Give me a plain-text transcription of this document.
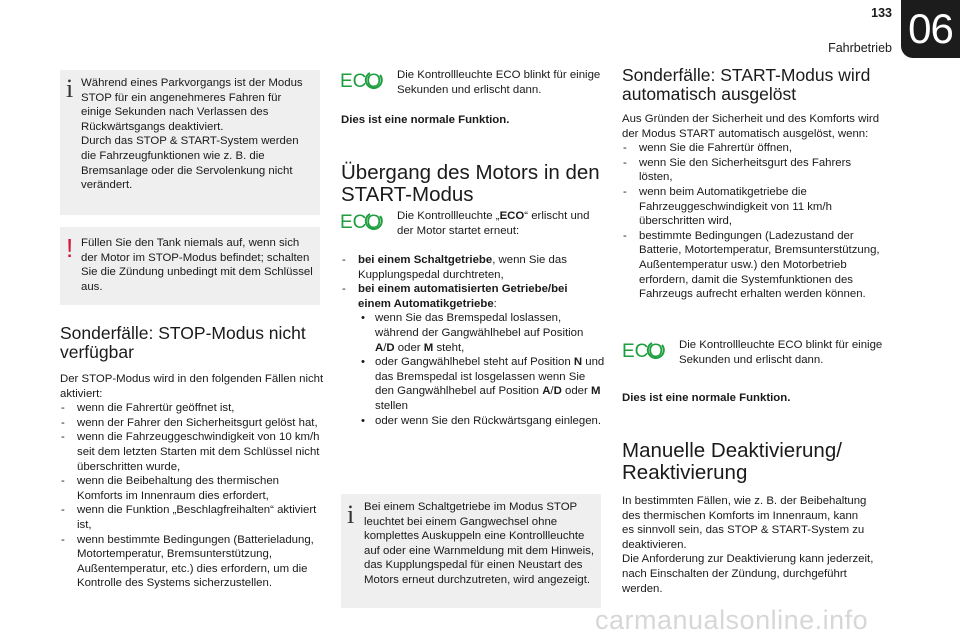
133
Fahrbetrieb 06
i Während eines Parkvorgangs ist der Modus

STOP für ein angenehmeres Fahren für

einige Sekunden nach Verlassen des

Rückwärtsgangs deaktiviert.

Durch das STOP & START-System werden

die Fahrzeugfunktionen wie z. B. die

Bremsanlage oder die Servolenkung nicht

verändert.

! Füllen Sie den Tank niemals auf, wenn sich

der Motor im STOP-Modus befindet; schalten

Sie die Zündung unbedingt mit dem Schlüssel

aus.

Sonderfälle: STOP-Modus nicht
verfügbar

Der STOP-Modus wird in den folgenden Fällen nicht

aktiviert:

- wenn die Fahrertür geöffnet ist,

- wenn der Fahrer den Sicherheitsgurt gelöst hat,

- wenn die Fahrzeuggeschwindigkeit von 10 km/h

seit dem letzten Starten mit dem Schlüssel nicht

überschritten wurde,

- wenn die Beibehaltung des thermischen

Komforts im Innenraum dies erfordert,

- wenn die Funktion „Beschlagfreihalten“ aktiviert

ist,

- wenn bestimmte Bedingungen (Batterieladung,

Motortemperatur, Bremsunterstützung,

Außentemperatur, etc.) dies erfordern, um die

Kontrolle des Systems sicherzustellen.

ECO Die Kontrollleuchte ECO blinkt für einige

Sekunden und erlischt dann.

Dies ist eine normale Funktion.
Übergang des Motors in den
START-Modus
ECO Die Kontrollleuchte „ECO“ erlischt und

der Motor startet erneut:

- bei einem Schaltgetriebe, wenn Sie das

Kupplungspedal durchtreten,

- bei einem automatisierten Getriebe/bei

einem Automatikgetriebe:

• wenn Sie das Bremspedal loslassen,

während der Gangwählhebel auf Position

A/D oder M steht,

• oder Gangwählhebel steht auf Position N und

das Bremspedal ist losgelassen wenn Sie

den Gangwählhebel auf Position A/D oder M

stellen

• oder wenn Sie den Rückwärtsgang einlegen.

i Bei einem Schaltgetriebe im Modus STOP

leuchtet bei einem Gangwechsel ohne

komplettes Auskuppeln eine Kontrollleuchte

auf oder eine Warnmeldung mit dem Hinweis,

das Kupplungspedal für einen Neustart des

Motors erneut durchzutreten, wird angezeigt.

Sonderfälle: START-Modus wird
automatisch ausgelöst

Aus Gründen der Sicherheit und des Komforts wird

der Modus START automatisch ausgelöst, wenn:

- wenn Sie die Fahrertür öffnen,

- wenn Sie den Sicherheitsgurt des Fahrers

lösten,

- wenn beim Automatikgetriebe die

Fahrzeuggeschwindigkeit von 11 km/h

überschritten wird,

- bestimmte Bedingungen (Ladezustand der

Batterie, Motortemperatur, Bremsunterstützung,

Außentemperatur usw.) den Motorbetrieb

erfordern, damit die Systemfunktionen des

Fahrzeugs aufrecht erhalten werden können.

ECO Die Kontrollleuchte ECO blinkt für einige

Sekunden und erlischt dann.

Dies ist eine normale Funktion.
Manuelle Deaktivierung/
Reaktivierung

In bestimmten Fällen, wie z. B. der Beibehaltung

des thermischen Komforts im Innenraum, kann

es sinnvoll sein, das STOP & START-System zu

deaktivieren.

Die Anforderung zur Deaktivierung kann jederzeit,

nach Einschalten der Zündung, durchgeführt

werden.

carmanualsonline.info
